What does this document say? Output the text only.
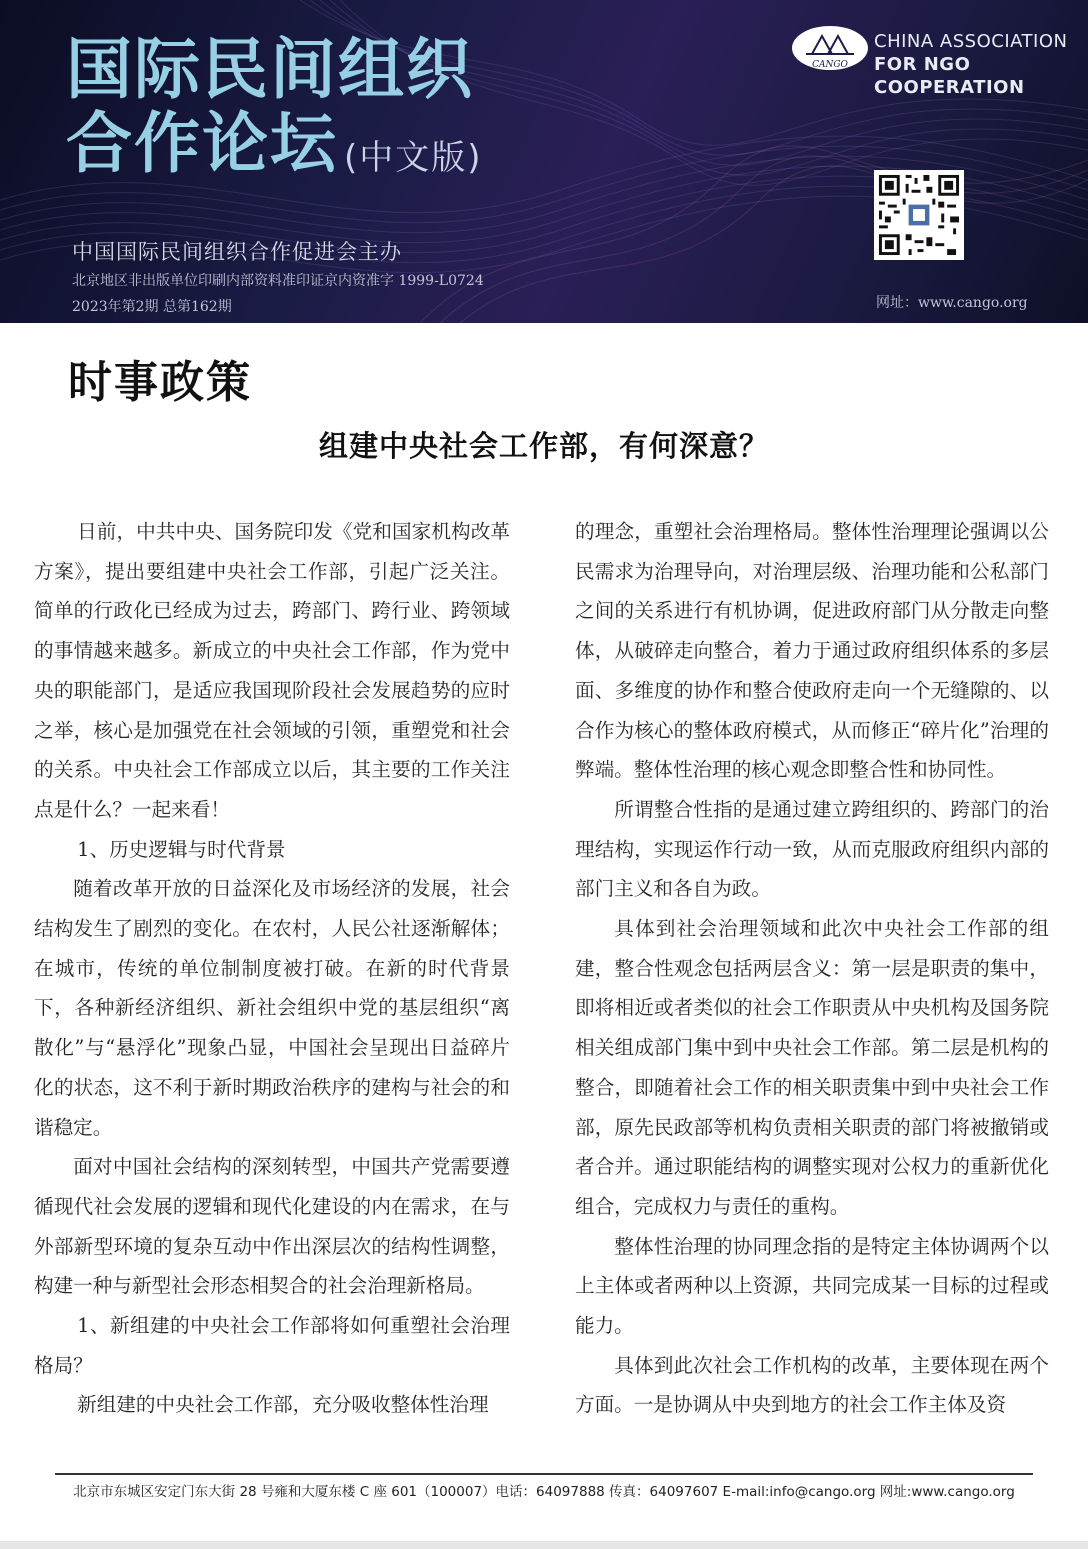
国际民间组织
合作论坛 (中文版)
CANGO
CHINA ASSOCIATION
FOR NGO COOPERATION
中国国际民间组织合作促进会主办
北京地区非出版单位印刷内部资料准印证京内资准字 1999-L0724
2023年第2期 总第162期	网址：www.cango.org
时事政策
组建中央社会工作部，有何深意？

日前，中共中央、国务院印发《党和国家机构改革方案》，提出要组建中央社会工作部，引起广泛关注。简单的行政化已经成为过去，跨部门、跨行业、跨领域的事情越来越多。新成立的中央社会工作部，作为党中央的职能部门，是适应我国现阶段社会发展趋势的应时之举，核心是加强党在社会领域的引领，重塑党和社会的关系。中央社会工作部成立以后，其主要的工作关注点是什么？一起来看！

1、历史逻辑与时代背景

随着改革开放的日益深化及市场经济的发展，社会结构发生了剧烈的变化。在农村，人民公社逐渐解体；在城市，传统的单位制制度被打破。在新的时代背景下，各种新经济组织、新社会组织中党的基层组织“离散化”与“悬浮化”现象凸显，中国社会呈现出日益碎片化的状态，这不利于新时期政治秩序的建构与社会的和谐稳定。

面对中国社会结构的深刻转型，中国共产党需要遵循现代社会发展的逻辑和现代化建设的内在需求，在与外部新型环境的复杂互动中作出深层次的结构性调整，构建一种与新型社会形态相契合的社会治理新格局。

1、新组建的中央社会工作部将如何重塑社会治理格局？

新组建的中央社会工作部，充分吸收整体性治理

的理念，重塑社会治理格局。整体性治理理论强调以公民需求为治理导向，对治理层级、治理功能和公私部门之间的关系进行有机协调，促进政府部门从分散走向整体，从破碎走向整合，着力于通过政府组织体系的多层面、多维度的协作和整合使政府走向一个无缝隙的、以合作为核心的整体政府模式，从而修正“碎片化”治理的弊端。整体性治理的核心观念即整合性和协同性。

所谓整合性指的是通过建立跨组织的、跨部门的治理结构，实现运作行动一致，从而克服政府组织内部的部门主义和各自为政。

具体到社会治理领域和此次中央社会工作部的组建，整合性观念包括两层含义：第一层是职责的集中，即将相近或者类似的社会工作职责从中央机构及国务院相关组成部门集中到中央社会工作部。第二层是机构的整合，即随着社会工作的相关职责集中到中央社会工作部，原先民政部等机构负责相关职责的部门将被撤销或者合并。通过职能结构的调整实现对公权力的重新优化组合，完成权力与责任的重构。

整体性治理的协同理念指的是特定主体协调两个以上主体或者两种以上资源，共同完成某一目标的过程或能力。

具体到此次社会工作机构的改革，主要体现在两个方面。一是协调从中央到地方的社会工作主体及资

北京市东城区安定门东大街 28 号雍和大厦东楼 C 座 601（100007）电话：64097888 传真：64097607 E-mail:info@cango.org 网址:www.cango.org
